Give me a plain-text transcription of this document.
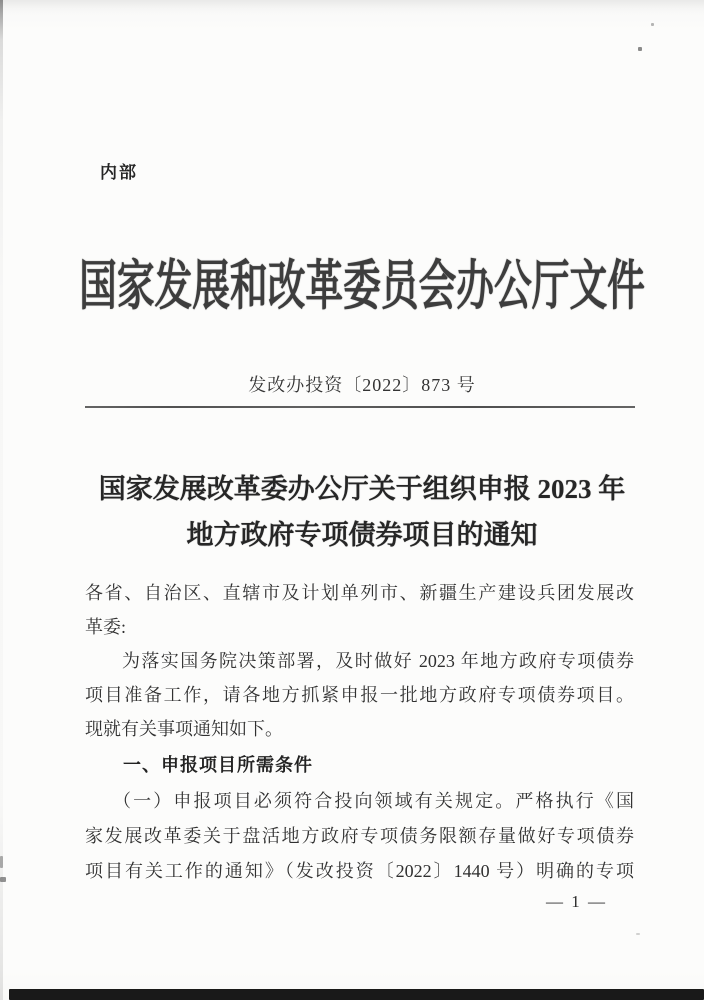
内部
国家发展和改革委员会办公厅文件
发改办投资〔2022〕873 号
国家发展改革委办公厅关于组织申报 2023 年
地方政府专项债券项目的通知
各省、自治区、直辖市及计划单列市、新疆生产建设兵团发展改
革委:
为落实国务院决策部署，及时做好 2023 年地方政府专项债券
项目准备工作，请各地方抓紧申报一批地方政府专项债券项目。
现就有关事项通知如下。
一、申报项目所需条件
（一）申报项目必须符合投向领域有关规定。严格执行《国
家发展改革委关于盘活地方政府专项债务限额存量做好专项债券
项目有关工作的通知》（发改投资〔2022〕1440 号）明确的专项
— 1 —
